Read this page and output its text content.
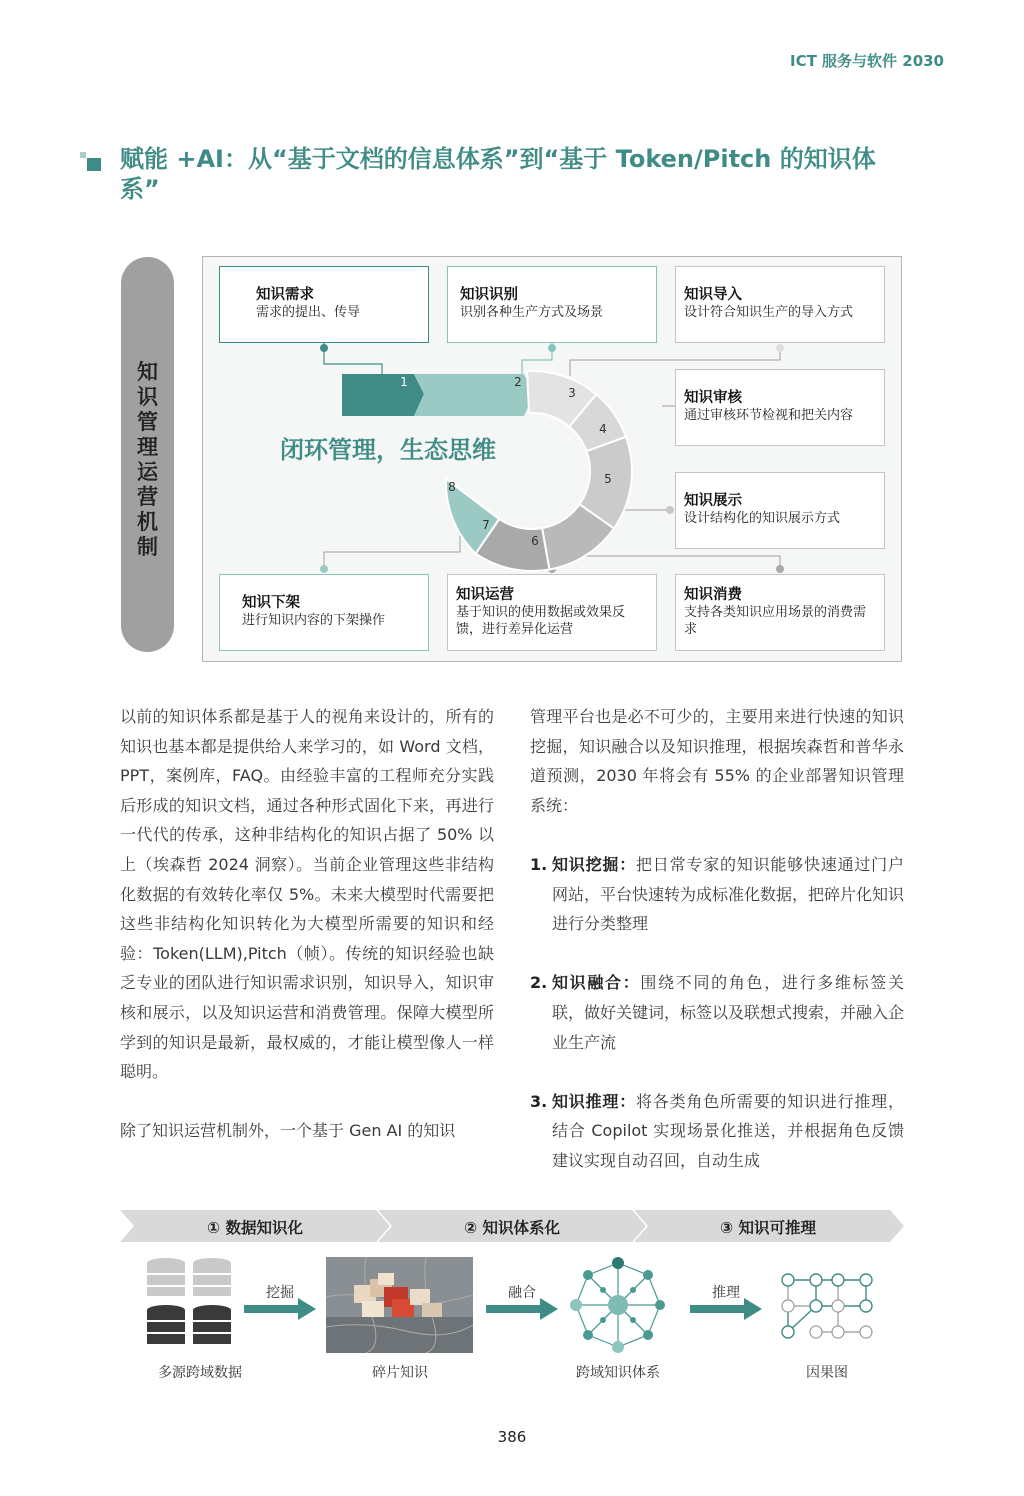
ICT 服务与软件 2030
赋能 +AI：从“基于文档的信息体系”到“基于 Token/Pitch 的知识体系”
知
识
管
理
运
营
机
制
1	2
3
4
5
6
7
8
闭环管理，生态思维
知识需求
需求的提出、传导
知识识别
识别各种生产方式及场景
知识导入
设计符合知识生产的导入方式
知识审核
通过审核环节检视和把关内容
知识展示
设计结构化的知识展示方式
知识消费
支持各类知识应用场景的消费需求
知识运营
基于知识的使用数据或效果反馈，进行差异化运营
知识下架
进行知识内容的下架操作

以前的知识体系都是基于人的视角来设计的，所有的知识也基本都是提供给人来学习的，如 Word 文档，PPT，案例库，FAQ。由经验丰富的工程师充分实践后形成的知识文档，通过各种形式固化下来，再进行一代代的传承，这种非结构化的知识占据了 50% 以上（埃森哲 2024 洞察）。当前企业管理这些非结构化数据的有效转化率仅 5%。未来大模型时代需要把这些非结构化知识转化为大模型所需要的知识和经验：Token(LLM),Pitch（帧）。传统的知识经验也缺乏专业的团队进行知识需求识别，知识导入，知识审核和展示，以及知识运营和消费管理。保障大模型所学到的知识是最新，最权威的，才能让模型像人一样聪明。

除了知识运营机制外，一个基于 Gen AI 的知识

管理平台也是必不可少的，主要用来进行快速的知识挖掘，知识融合以及知识推理，根据埃森哲和普华永道预测，2030 年将会有 55% 的企业部署知识管理系统：

1. 知识挖掘：把日常专家的知识能够快速通过门户网站，平台快速转为成标准化数据，把碎片化知识进行分类整理
2. 知识融合：围绕不同的角色，进行多维标签关联，做好关键词，标签以及联想式搜索，并融入企业生产流
3. 知识推理：将各类角色所需要的知识进行推理，结合 Copilot 实现场景化推送，并根据角色反馈建议实现自动召回，自动生成
① 数据知识化	② 知识体系化	③ 知识可推理
挖掘	融合	推理
多源跨域数据	碎片知识	跨域知识体系	因果图
386
